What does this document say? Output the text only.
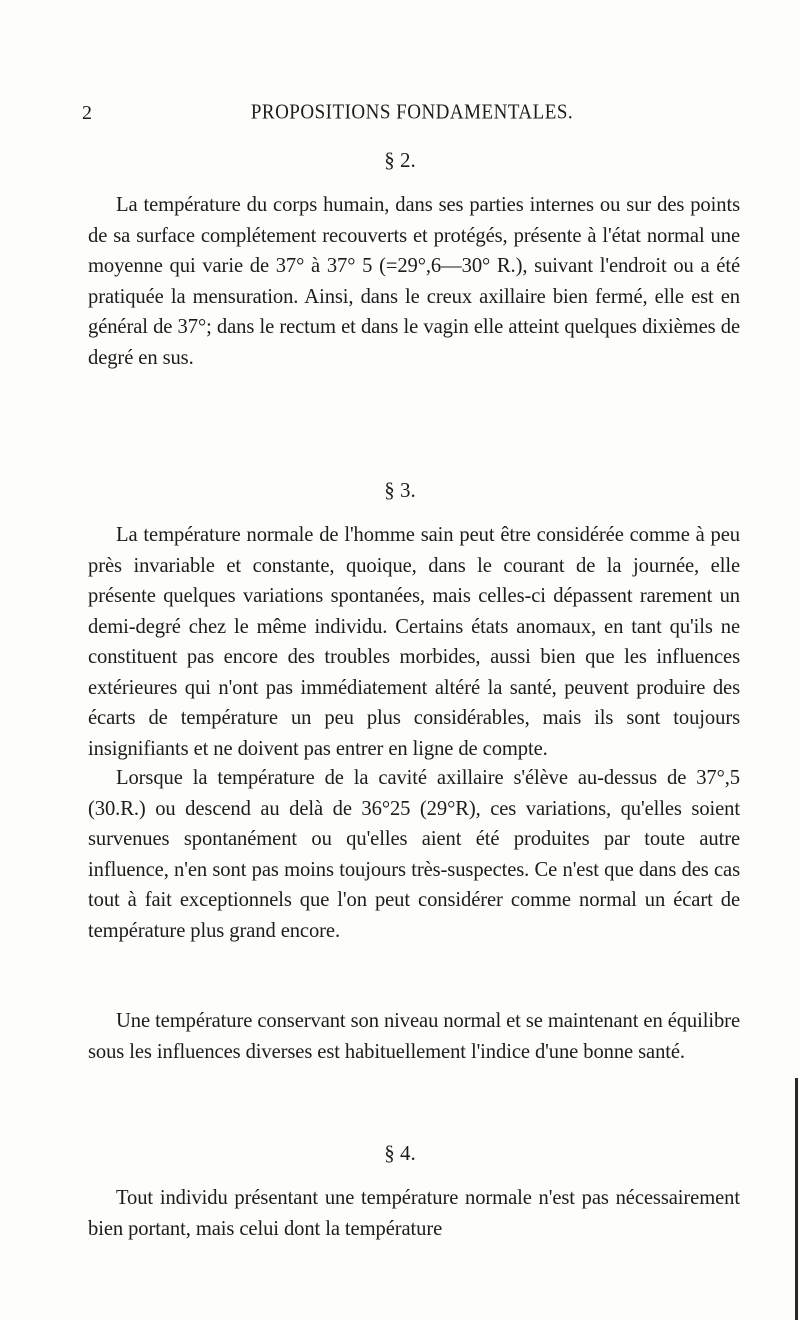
2	PROPOSITIONS FONDAMENTALES.
§ 2.

La température du corps humain, dans ses parties internes ou sur des points de sa surface complétement recouverts et protégés, présente à l'état normal une moyenne qui varie de 37° à 37° 5 (=29°,6—30° R.), suivant l'endroit ou a été pratiquée la mensuration. Ainsi, dans le creux axillaire bien fermé, elle est en général de 37°; dans le rectum et dans le vagin elle atteint quelques dixièmes de degré en sus.

§ 3.

La température normale de l'homme sain peut être considérée comme à peu près invariable et constante, quoique, dans le courant de la journée, elle présente quelques variations spontanées, mais celles-ci dépassent rarement un demi-degré chez le même individu. Certains états anomaux, en tant qu'ils ne constituent pas encore des troubles morbides, aussi bien que les influences extérieures qui n'ont pas immédiatement altéré la santé, peuvent produire des écarts de température un peu plus considérables, mais ils sont toujours insignifiants et ne doivent pas entrer en ligne de compte.

Lorsque la température de la cavité axillaire s'élève au-dessus de 37°,5 (30.R.) ou descend au delà de 36°25 (29°R), ces variations, qu'elles soient survenues spontanément ou qu'elles aient été produites par toute autre influence, n'en sont pas moins toujours très-suspectes. Ce n'est que dans des cas tout à fait exceptionnels que l'on peut considérer comme normal un écart de température plus grand encore.

Une température conservant son niveau normal et se maintenant en équilibre sous les influences diverses est habituellement l'indice d'une bonne santé.

§ 4.

Tout individu présentant une température normale n'est pas nécessairement bien portant, mais celui dont la température
